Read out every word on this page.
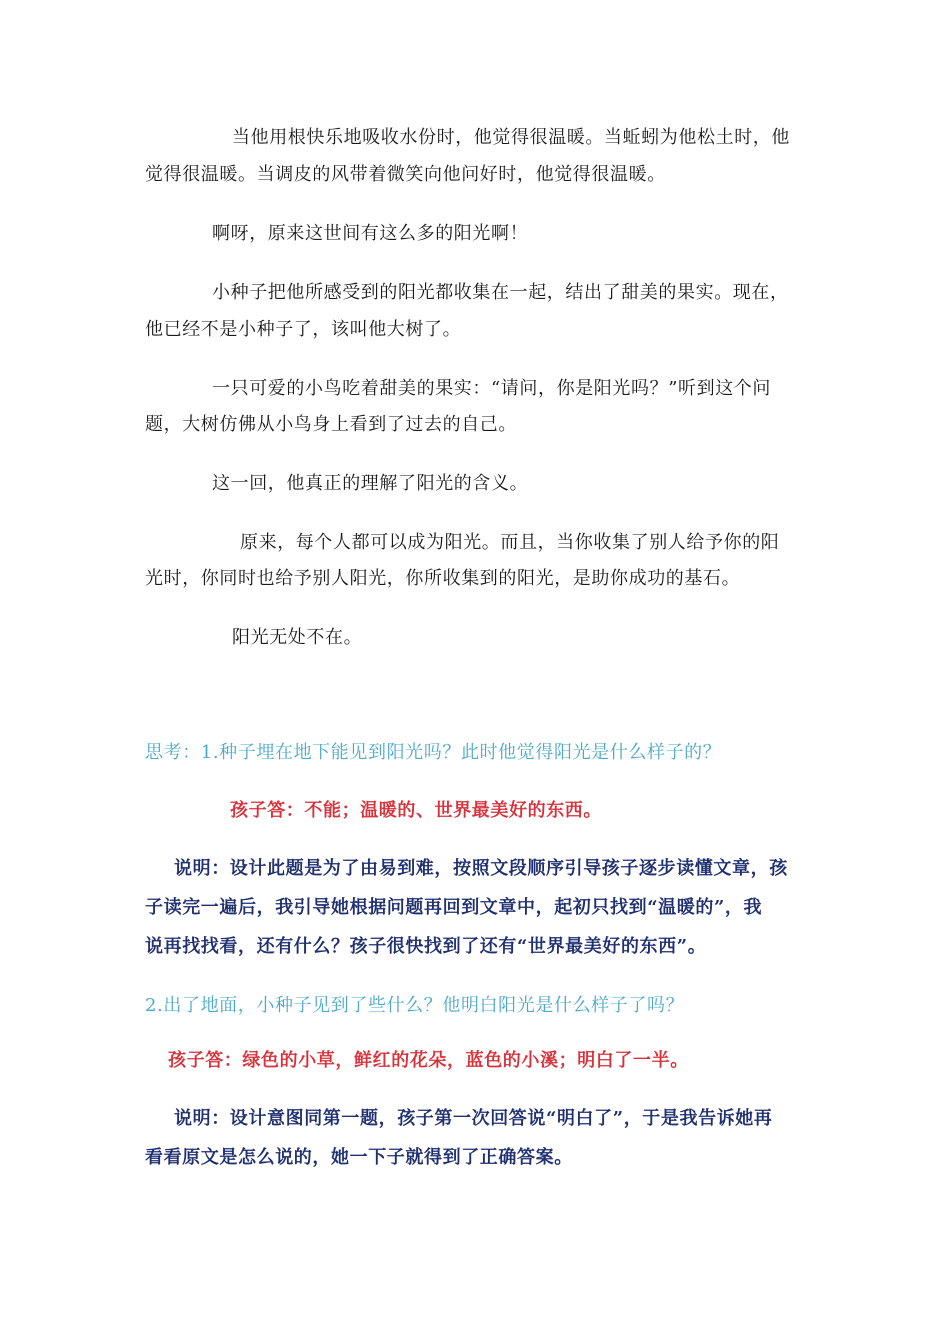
当他用根快乐地吸收水份时，他觉得很温暖。当蚯蚓为他松土时，他
觉得很温暖。当调皮的风带着微笑向他问好时，他觉得很温暖。
啊呀，原来这世间有这么多的阳光啊！
小种子把他所感受到的阳光都收集在一起，结出了甜美的果实。现在，
他已经不是小种子了，该叫他大树了。
一只可爱的小鸟吃着甜美的果实：“请问，你是阳光吗？”听到这个问
题，大树仿佛从小鸟身上看到了过去的自己。
这一回，他真正的理解了阳光的含义。
原来，每个人都可以成为阳光。而且，当你收集了别人给予你的阳
光时，你同时也给予别人阳光，你所收集到的阳光，是助你成功的基石。
阳光无处不在。
思考：1.种子埋在地下能见到阳光吗？此时他觉得阳光是什么样子的？
孩子答：不能；温暖的、世界最美好的东西。
说明：设计此题是为了由易到难，按照文段顺序引导孩子逐步读懂文章，孩
子读完一遍后，我引导她根据问题再回到文章中，起初只找到“温暖的”，我
说再找找看，还有什么？孩子很快找到了还有“世界最美好的东西”。
2.出了地面，小种子见到了些什么？他明白阳光是什么样子了吗？
孩子答：绿色的小草，鲜红的花朵，蓝色的小溪；明白了一半。
说明：设计意图同第一题，孩子第一次回答说“明白了”，于是我告诉她再
看看原文是怎么说的，她一下子就得到了正确答案。
